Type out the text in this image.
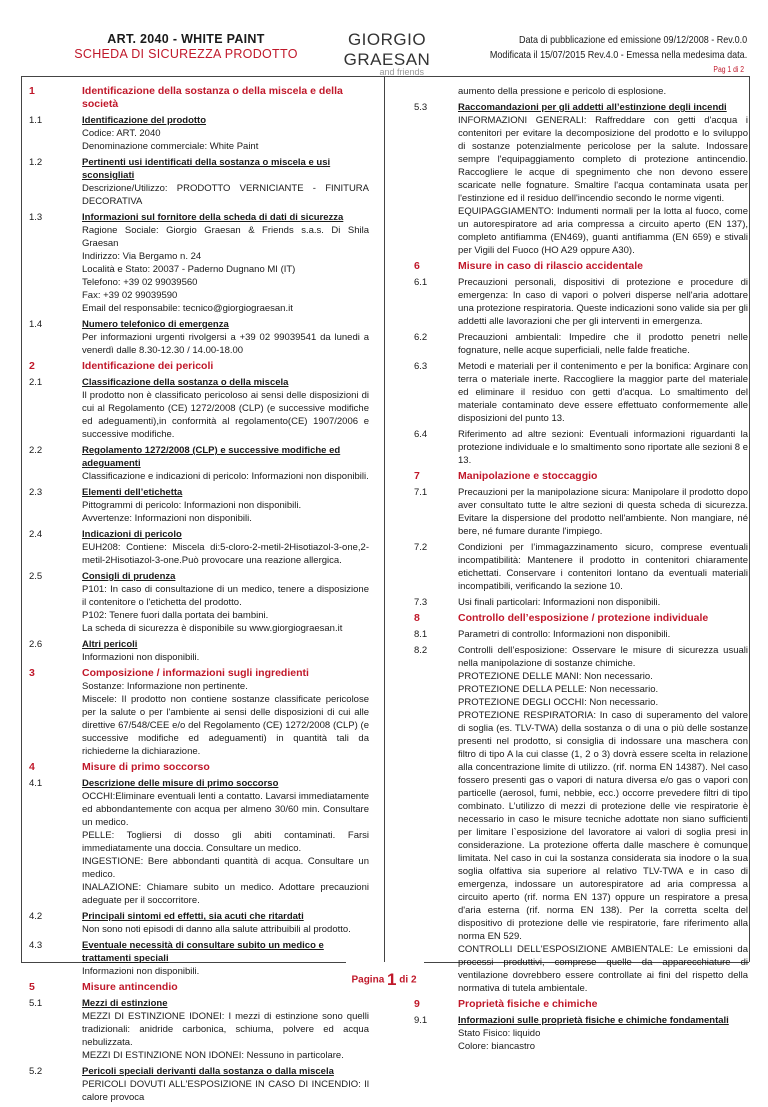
ART. 2040 - WHITE PAINT
SCHEDA DI SICUREZZA PRODOTTO
GIORGIO GRAESAN
and friends
Data di pubblicazione ed emissione 09/12/2008 - Rev.0.0
Modificata il 15/07/2015 Rev.4.0 - Emessa nella medesima data.
Pag 1 di 2
1	Identificazione della sostanza o della miscela e della società
1.1	Identificazione del prodotto
Codice: ART. 2040
Denominazione commerciale: White Paint
1.2	Pertinenti usi identificati della sostanza o miscela e usi sconsigliati
Descrizione/Utilizzo: PRODOTTO VERNICIANTE - FINITURA DECORATIVA
1.3	Informazioni sul fornitore della scheda di dati di sicurezza
Ragione Sociale: Giorgio Graesan & Friends s.a.s. Di Shila Graesan
Indirizzo: Via Bergamo n. 24
Località e Stato: 20037 - Paderno Dugnano MI (IT)
Telefono: +39 02 99039560
Fax: +39 02 99039590
Email del responsabile: tecnico@giorgiograesan.it
1.4	Numero telefonico di emergenza
Per informazioni urgenti rivolgersi a +39 02 99039541 da lunedi a venerdì dalle 8.30-12.30 / 14.00-18.00
2	Identificazione dei pericoli
2.1	Classificazione della sostanza o della miscela
Il prodotto non è classificato pericoloso ai sensi delle disposizioni di cui al Regolamento (CE) 1272/2008 (CLP) (e successive modifiche ed adeguamenti),in conformità al regolamento(CE) 1907/2006 e successive modifiche.
2.2	Regolamento 1272/2008 (CLP) e successive modifiche ed adeguamenti
Classificazione e indicazioni di pericolo: Informazioni non disponibili.
2.3	Elementi dell’etichetta
Pittogrammi di pericolo: Informazioni non disponibili.
Avvertenze: Informazioni non disponibili.
2.4	Indicazioni di pericolo
EUH208: Contiene: Miscela di:5-cloro-2-metil-2Hisotiazol-3-one,2-metil-2Hisotiazol-3-one.Può provocare una reazione allergica.
2.5	Consigli di prudenza
P101: In caso di consultazione di un medico, tenere a disposizione il contenitore o l'etichetta del prodotto.
P102: Tenere fuori dalla portata dei bambini.
La scheda di sicurezza è disponibile su www.giorgiograesan.it
2.6	Altri pericoli
Informazioni non disponibili.
3	Composizione / informazioni sugli ingredienti
Sostanze: Informazione non pertinente.
Miscele: Il prodotto non contiene sostanze classificate pericolose per la salute o per l'ambiente ai sensi delle disposizioni di cui alle direttive 67/548/CEE e/o del Regolamento (CE) 1272/2008 (CLP) (e successive modifiche ed adeguamenti) in quantità tali da richiederne la dichiarazione.
4	Misure di primo soccorso
4.1	Descrizione delle misure di primo soccorso
OCCHI:Eliminare eventuali lenti a contatto. Lavarsi immediatamente ed abbondantemente con acqua per almeno 30/60 min. Consultare un medico.
PELLE: Togliersi di dosso gli abiti contaminati. Farsi immediatamente una doccia. Consultare un medico.
INGESTIONE: Bere abbondanti quantità di acqua. Consultare un medico.
INALAZIONE: Chiamare subito un medico. Adottare precauzioni adeguate per il soccorritore.
4.2	Principali sintomi ed effetti, sia acuti che ritardati
Non sono noti episodi di danno alla salute attribuibili al prodotto.
4.3	Eventuale necessità di consultare subito un medico e trattamenti speciali
Informazioni non disponibili.
5	Misure antincendio
5.1	Mezzi di estinzione
MEZZI DI ESTINZIONE IDONEI: I mezzi di estinzione sono quelli tradizionali: anidride carbonica, schiuma, polvere ed acqua nebulizzata.
MEZZI DI ESTINZIONE NON IDONEI: Nessuno in particolare.
5.2	Pericoli speciali derivanti dalla sostanza o dalla miscela
PERICOLI DOVUTI ALL'ESPOSIZIONE IN CASO DI INCENDIO: Il calore provoca
aumento della pressione e pericolo di esplosione.
5.3	Raccomandazioni per gli addetti all’estinzione degli incendi
INFORMAZIONI GENERALI: Raffreddare con getti d'acqua i contenitori per evitare la decomposizione del prodotto e lo sviluppo di sostanze potenzialmente pericolose per la salute. Indossare sempre l'equipaggiamento completo di protezione antincendio. Raccogliere le acque di spegnimento che non devono essere scaricate nelle fognature. Smaltire l'acqua contaminata usata per l'estinzione ed il residuo dell'incendio secondo le norme vigenti.
EQUIPAGGIAMENTO: Indumenti normali per la lotta al fuoco, come un autorespiratore ad aria compressa a circuito aperto (EN 137), completo antifiamma (EN469), guanti antifiamma (EN 659) e stivali per Vigili del Fuoco (HO A29 oppure A30).
6	Misure in caso di rilascio accidentale
6.1	Precauzioni personali, dispositivi di protezione e procedure di emergenza: In caso di vapori o polveri disperse nell'aria adottare una protezione respiratoria. Queste indicazioni sono valide sia per gli addetti alle lavorazioni che per gli interventi in emergenza.
6.2	Precauzioni ambientali: Impedire che il prodotto penetri nelle fognature, nelle acque superficiali, nelle falde freatiche.
6.3	Metodi e materiali per il contenimento e per la bonifica: Arginare con terra o materiale inerte. Raccogliere la maggior parte del materiale ed eliminare il residuo con getti d'acqua. Lo smaltimento del materiale contaminato deve essere effettuato conformemente alle disposizioni del punto 13.
6.4	Riferimento ad altre sezioni: Eventuali informazioni riguardanti la protezione individuale e lo smaltimento sono riportate alle sezioni 8 e 13.
7	Manipolazione e stoccaggio
7.1	Precauzioni per la manipolazione sicura: Manipolare il prodotto dopo aver consultato tutte le altre sezioni di questa scheda di sicurezza. Evitare la dispersione del prodotto nell'ambiente. Non mangiare, né bere, né fumare durante l'impiego.
7.2	Condizioni per l’immagazzinamento sicuro, comprese eventuali incompatibilità: Mantenere il prodotto in contenitori chiaramente etichettati. Conservare i contenitori lontano da eventuali materiali incompatibili, verificando la sezione 10.
7.3	Usi finali particolari: Informazioni non disponibili.
8	Controllo dell’esposizione / protezione individuale
8.1	Parametri di controllo: Informazioni non disponibili.
8.2	Controlli dell’esposizione: Osservare le misure di sicurezza usuali nella manipolazione di sostanze chimiche.
PROTEZIONE DELLE MANI: Non necessario.
PROTEZIONE DELLA PELLE: Non necessario.
PROTEZIONE DEGLI OCCHI: Non necessario.
PROTEZIONE RESPIRATORIA: In caso di superamento del valore di soglia (es. TLV-TWA) della sostanza o di una o più delle sostanze presenti nel prodotto, si consiglia di indossare una maschera con filtro di tipo A la cui classe (1, 2 o 3) dovrà essere scelta in relazione alla concentrazione limite di utilizzo. (rif. norma EN 14387). Nel caso fossero presenti gas o vapori di natura diversa e/o gas o vapori con particelle (aerosol, fumi, nebbie, ecc.) occorre prevedere filtri di tipo combinato. L’utilizzo di mezzi di protezione delle vie respiratorie è necessario in caso le misure tecniche adottate non siano sufficienti per limitare l`esposizione del lavoratore ai valori di soglia presi in considerazione. La protezione offerta dalle maschere è comunque limitata. Nel caso in cui la sostanza considerata sia inodore o la sua soglia olfattiva sia superiore al relativo TLV-TWA e in caso di emergenza, indossare un autorespiratore ad aria compressa a circuito aperto (rif. norma EN 137) oppure un respiratore a presa d'aria esterna (rif. norma EN 138). Per la corretta scelta del dispositivo di protezione delle vie respiratorie, fare riferimento alla norma EN 529.
CONTROLLI DELL'ESPOSIZIONE AMBIENTALE: Le emissioni da processi produttivi, comprese quelle da apparecchiature di ventilazione dovrebbero essere controllate ai fini del rispetto della normativa di tutela ambientale.
9	Proprietà fisiche e chimiche
9.1	Informazioni sulle proprietà fisiche e chimiche fondamentali
Stato Fisico: liquido
Colore: biancastro
Pagina 1 di 2
